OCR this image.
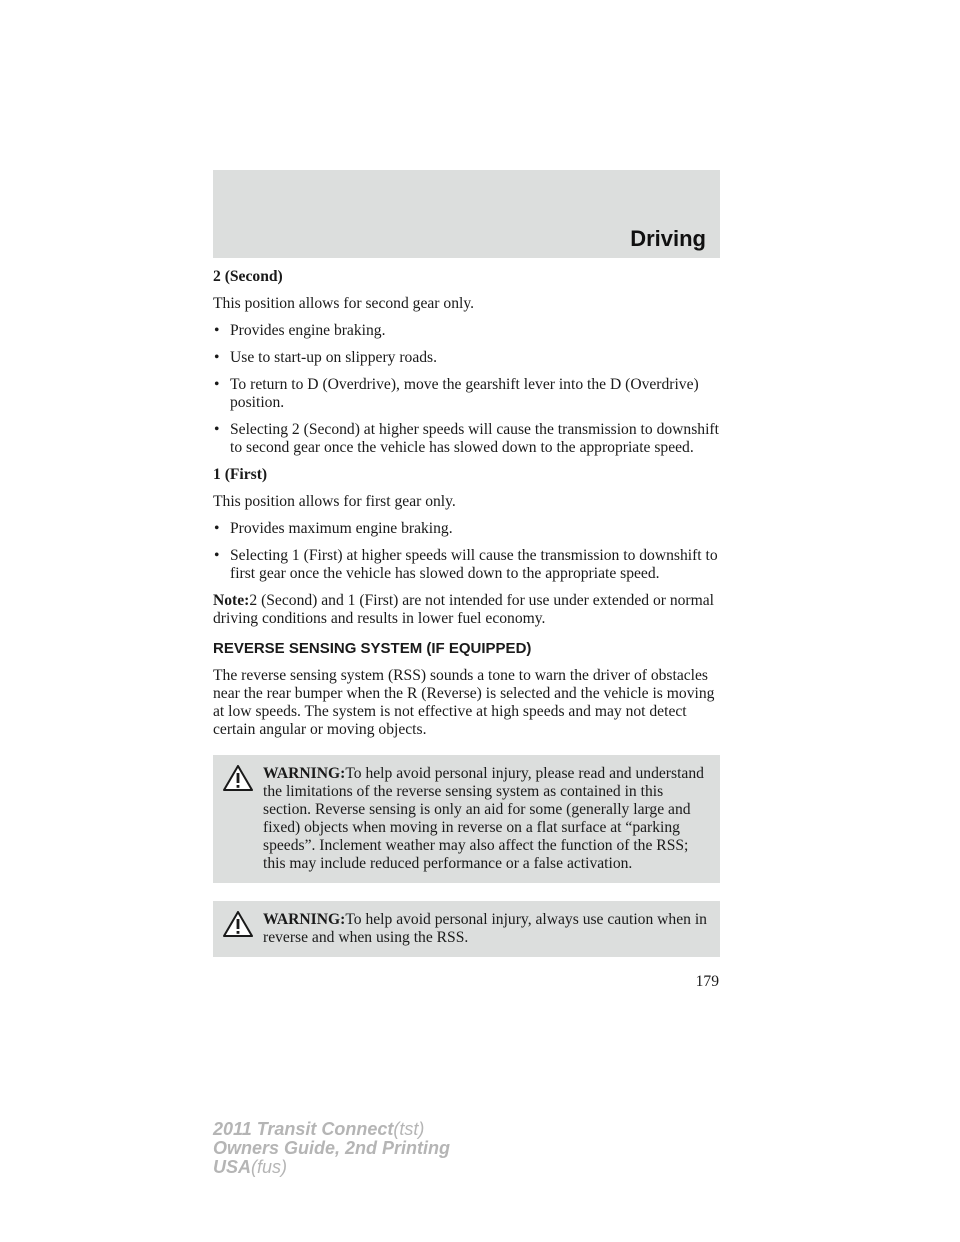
Driving

2 (Second)

This position allows for second gear only.

• Provides engine braking.
• Use to start-up on slippery roads.
• To return to D (Overdrive), move the gearshift lever into the D (Overdrive) position.
• Selecting 2 (Second) at higher speeds will cause the transmission to downshift to second gear once the vehicle has slowed down to the appropriate speed.

1 (First)

This position allows for first gear only.

• Provides maximum engine braking.
• Selecting 1 (First) at higher speeds will cause the transmission to downshift to first gear once the vehicle has slowed down to the appropriate speed.

Note:2 (Second) and 1 (First) are not intended for use under extended or normal driving conditions and results in lower fuel economy.

REVERSE SENSING SYSTEM (IF EQUIPPED)

The reverse sensing system (RSS) sounds a tone to warn the driver of obstacles near the rear bumper when the R (Reverse) is selected and the vehicle is moving at low speeds. The system is not effective at high speeds and may not detect certain angular or moving objects.

WARNING:To help avoid personal injury, please read and understand the limitations of the reverse sensing system as contained in this section. Reverse sensing is only an aid for some (generally large and fixed) objects when moving in reverse on a flat surface at “parking speeds”. Inclement weather may also affect the function of the RSS; this may include reduced performance or a false activation.

WARNING:To help avoid personal injury, always use caution when in reverse and when using the RSS.

179
2011 Transit Connect(tst)
Owners Guide, 2nd Printing
USA(fus)
